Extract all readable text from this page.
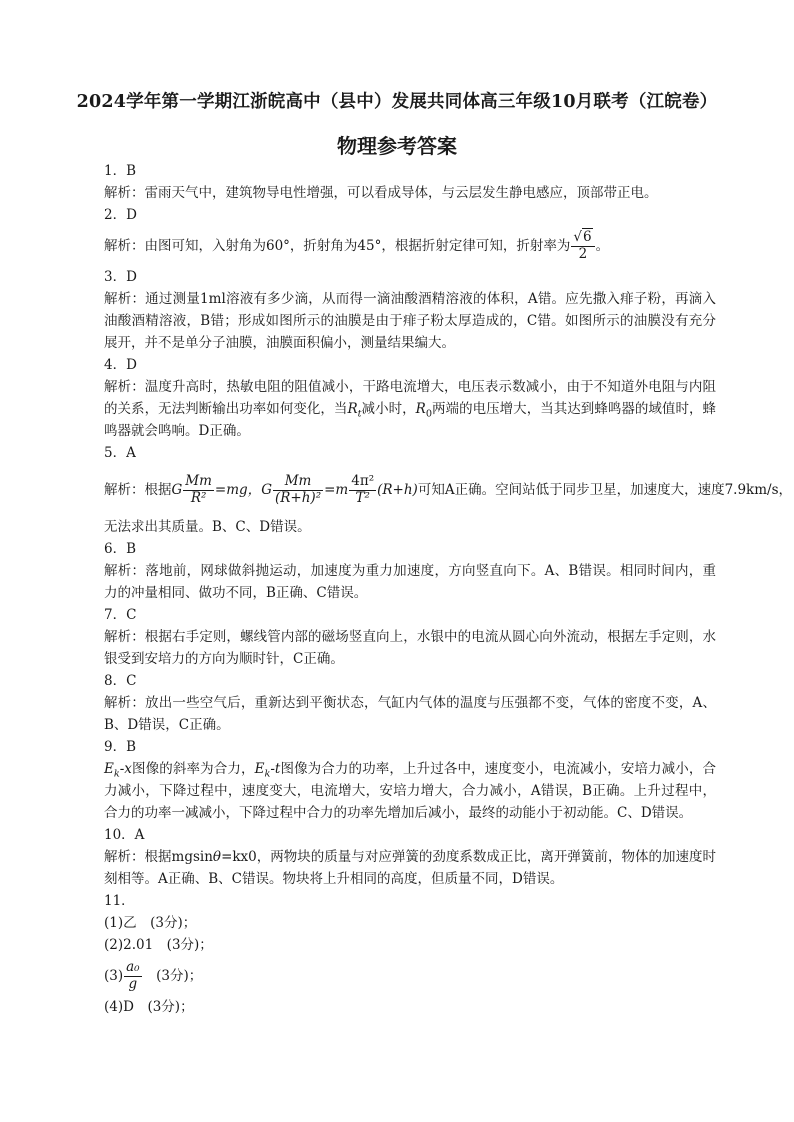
2024学年第一学期江浙皖高中（县中）发展共同体高三年级10月联考（江皖卷）
物理参考答案

1．B

解析：雷雨天气中，建筑物导电性增强，可以看成导体，与云层发生静电感应，顶部带正电。

2．D

解析：由图可知，入射角为60°，折射角为45°，根据折射定律可知，折射率为 $\frac{√6}{2}$ 。

3．D

解析：通过测量1ml溶液有多少滴，从而得一滴油酸酒精溶液的体积，A错。应先撒入痱子粉，再滴入油酸酒精溶液，B错；形成如图所示的油膜是由于痱子粉太厚造成的，C错。如图所示的油膜没有充分展开，并不是单分子油膜，油膜面积偏小，测量结果编大。

4．D

解析：温度升高时，热敏电阻的阻值减小，干路电流增大，电压表示数减小，由于不知道外电阻与内阻的关系，无法判断输出功率如何变化，当$R_t$减小时，$R_0$两端的电压增大，当其达到蜂鸣器的域值时，蜂鸣器就会鸣响。D正确。

5．A

解析：根据G $\frac{Mm}{\text{R²}} =mg$，G $\frac{Mm}{\text{(R+h)²}} =m \frac{\text{4π²}}{\text{T²}} (R+h)$可知A正确。空间站低于同步卫星，加速度大，速度7.9km/s，

无法求出其质量。B、C、D错误。

6．B

解析：落地前，网球做斜抛运动，加速度为重力加速度，方向竖直向下。A、B错误。相同时间内，重力的冲量相同、做功不同，B正确、C错误。

7．C

解析：根据右手定则，螺线管内部的磁场竖直向上，水银中的电流从圆心向外流动，根据左手定则，水银受到安培力的方向为顺时针，C正确。

8．C

解析：放出一些空气后，重新达到平衡状态，气缸内气体的温度与压强都不变，气体的密度不变，A、B、D错误，C正确。

9．B

$E_k-x$图像的斜率为合力，$E_k-t$图像为合力的功率，上升过各中，速度变小，电流减小，安培力减小，合力减小，下降过程中，速度变大，电流增大，安培力增大，合力减小，A错误，B正确。上升过程中，合力的功率一减减小，下降过程中合力的功率先增加后减小，最终的动能小于初动能。C、D错误。

10．A

解析：根据mgsinθ=kx0，两物块的质量与对应弹簧的劲度系数成正比，离开弹簧前，物体的加速度时刻相等。A正确、B、C错误。物块将上升相同的高度，但质量不同，D错误。

11．

(1)乙　(3分)；

(2)2.01　(3分)；

$(3) \frac{\text{a₀}}{g}$ 　(3分)；

(4)D　(3分)；
